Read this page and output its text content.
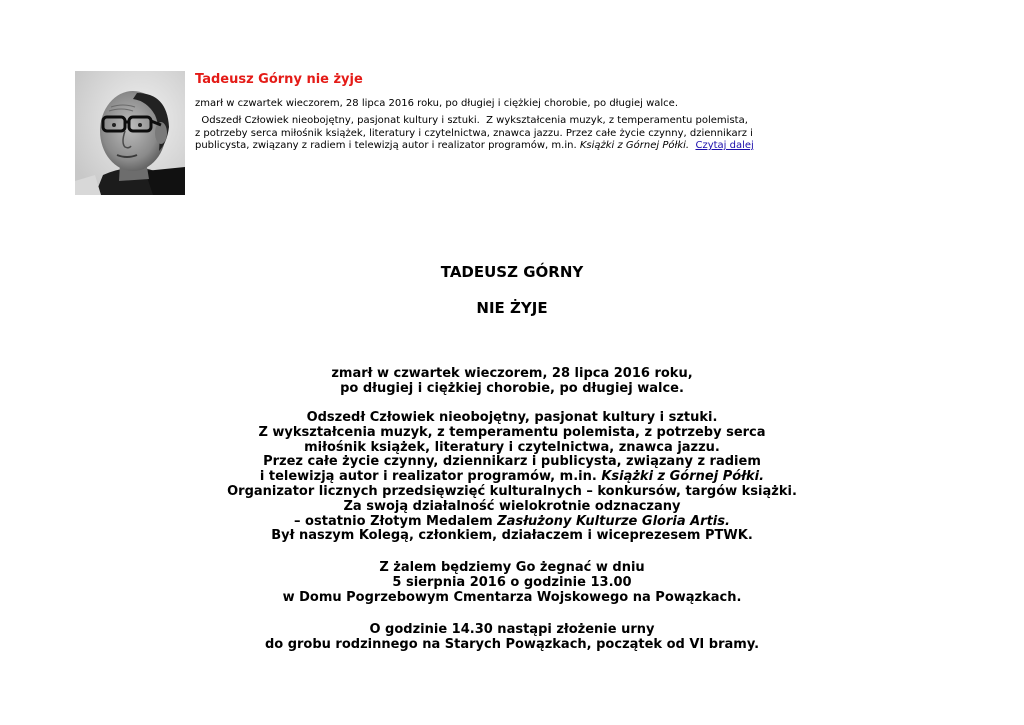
Tadeusz Górny nie żyje
zmarł w czwartek wieczorem, 28 lipca 2016 roku, po długiej i ciężkiej chorobie, po długiej walce.
Odszedł Człowiek nieobojętny, pasjonat kultury i sztuki.  Z wykształcenia muzyk, z temperamentu polemista,
z potrzeby serca miłośnik książek, literatury i czytelnictwa, znawca jazzu. Przez całe życie czynny, dziennikarz i
publicysta, związany z radiem i telewizją autor i realizator programów, m.in. Książki z Górnej Półki. Czytaj dalej
TADEUSZ GÓRNY
NIE ŻYJE
zmarł w czwartek wieczorem, 28 lipca 2016 roku,
po długiej i ciężkiej chorobie, po długiej walce.
Odszedł Człowiek nieobojętny, pasjonat kultury i sztuki.
Z wykształcenia muzyk, z temperamentu polemista, z potrzeby serca
miłośnik książek, literatury i czytelnictwa, znawca jazzu.
Przez całe życie czynny, dziennikarz i publicysta, związany z radiem
i telewizją autor i realizator programów, m.in. Książki z Górnej Półki.
Organizator licznych przedsięwzięć kulturalnych – konkursów, targów książki.
Za swoją działalność wielokrotnie odznaczany
– ostatnio Złotym Medalem Zasłużony Kulturze Gloria Artis.
Był naszym Kolegą, członkiem, działaczem i wiceprezesem PTWK.
Z żalem będziemy Go żegnać w dniu
5 sierpnia 2016 o godzinie 13.00
w Domu Pogrzebowym Cmentarza Wojskowego na Powązkach.
O godzinie 14.30 nastąpi złożenie urny
do grobu rodzinnego na Starych Powązkach, początek od VI bramy.
